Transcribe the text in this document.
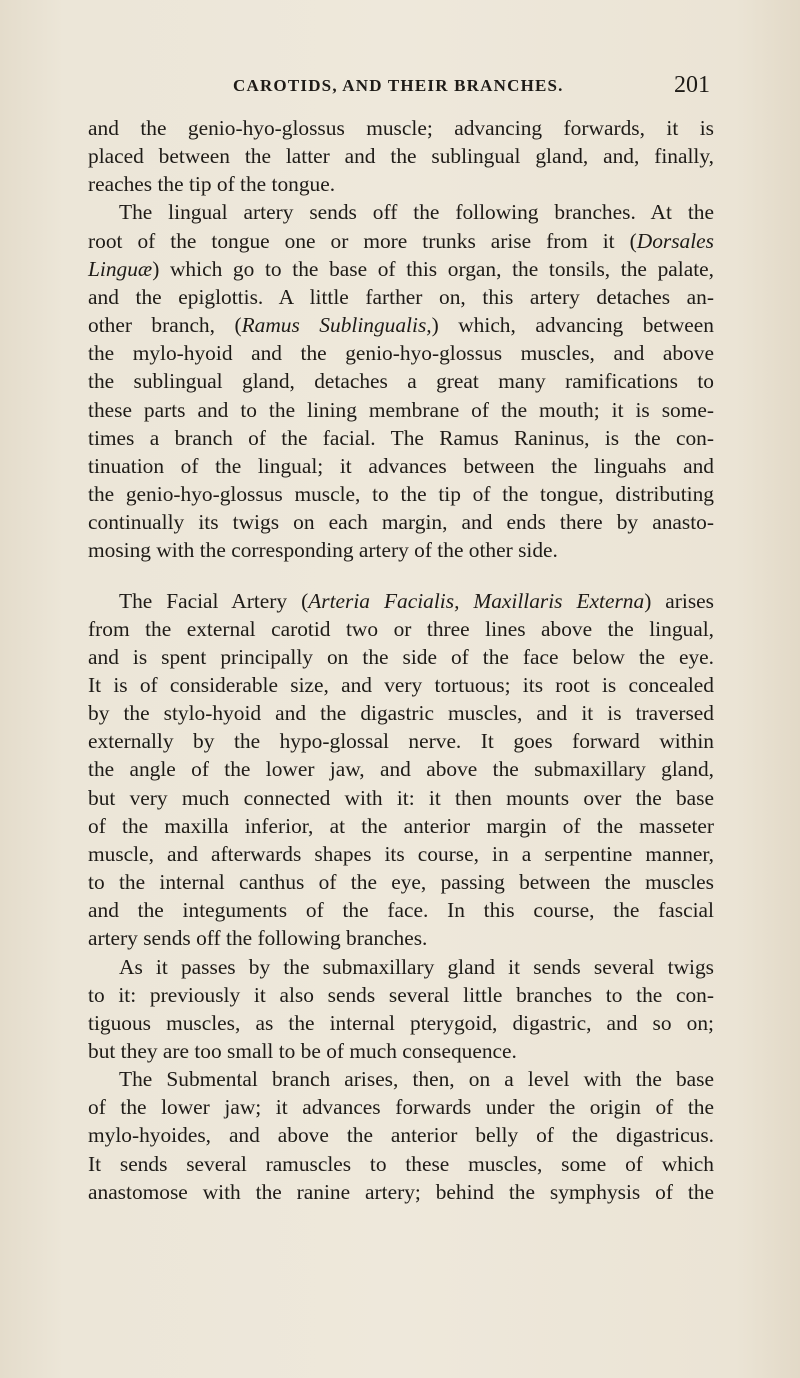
CAROTIDS, AND THEIR BRANCHES.	201

and the genio-hyo-glossus muscle; advancing forwards, it is
placed between the latter and the sublingual gland, and, finally,
reaches the tip of the tongue.

The lingual artery sends off the following branches. At the
root of the tongue one or more trunks arise from it (Dorsales
Linguæ) which go to the base of this organ, the tonsils, the palate,
and the epiglottis. A little farther on, this artery detaches an-
other branch, (Ramus Sublingualis,) which, advancing between
the mylo-hyoid and the genio-hyo-glossus muscles, and above
the sublingual gland, detaches a great many ramifications to
these parts and to the lining membrane of the mouth; it is some-
times a branch of the facial. The Ramus Raninus, is the con-
tinuation of the lingual; it advances between the linguahs and
the genio-hyo-glossus muscle, to the tip of the tongue, distributing
continually its twigs on each margin, and ends there by anasto-
mosing with the corresponding artery of the other side.

The Facial Artery (Arteria Facialis, Maxillaris Externa) arises
from the external carotid two or three lines above the lingual,
and is spent principally on the side of the face below the eye.
It is of considerable size, and very tortuous; its root is concealed
by the stylo-hyoid and the digastric muscles, and it is traversed
externally by the hypo-glossal nerve. It goes forward within
the angle of the lower jaw, and above the submaxillary gland,
but very much connected with it: it then mounts over the base
of the maxilla inferior, at the anterior margin of the masseter
muscle, and afterwards shapes its course, in a serpentine manner,
to the internal canthus of the eye, passing between the muscles
and the integuments of the face. In this course, the fascial
artery sends off the following branches.

As it passes by the submaxillary gland it sends several twigs
to it: previously it also sends several little branches to the con-
tiguous muscles, as the internal pterygoid, digastric, and so on;
but they are too small to be of much consequence.

The Submental branch arises, then, on a level with the base
of the lower jaw; it advances forwards under the origin of the
mylo-hyoides, and above the anterior belly of the digastricus.
It sends several ramuscles to these muscles, some of which
anastomose with the ranine artery; behind the symphysis of the
